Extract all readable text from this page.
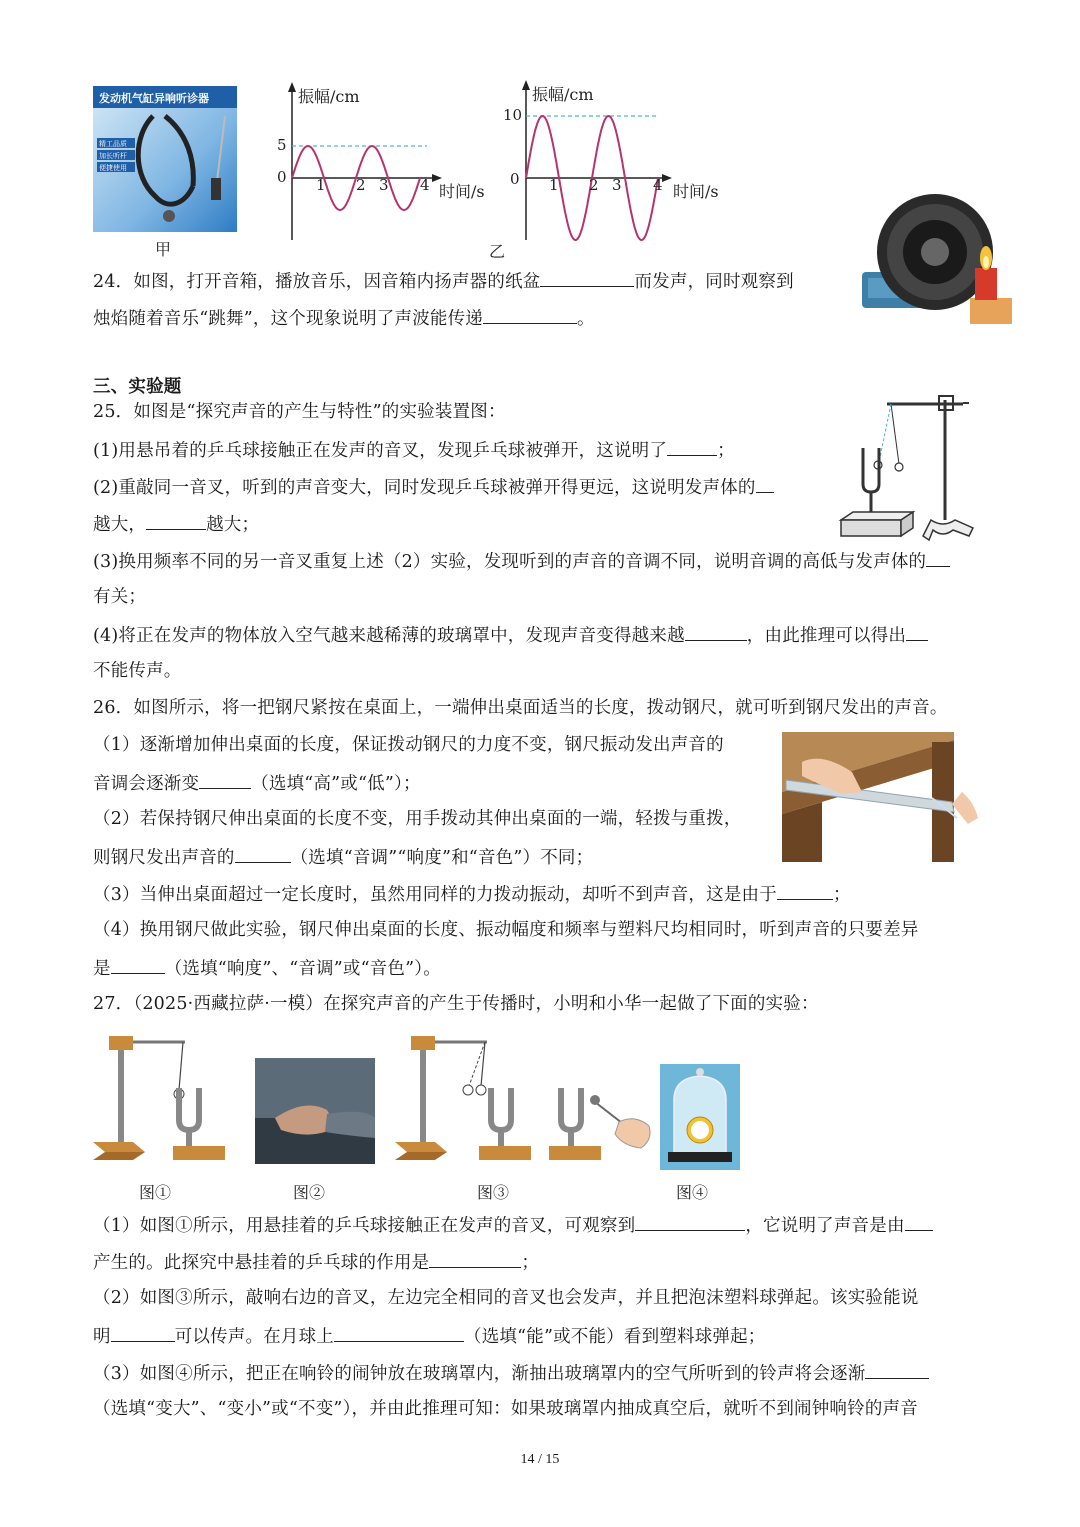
发动机气缸异响听诊器
精工品质
加长听杆
便捷使用
甲
振幅/cm
5
0 1 2 3 4 时间/s
振幅/cm
10
0 1 2 3 4 时间/s
乙
24．如图，打开音箱，播放音乐，因音箱内扬声器的纸盆	而发声，同时观察到
烛焰随着音乐“跳舞”，这个现象说明了声波能传递	。
三、实验题
25．如图是“探究声音的产生与特性”的实验装置图：
(1)用悬吊着的乒乓球接触正在发声的音叉，发现乒乓球被弹开，这说明了	；
(2)重敲同一音叉，听到的声音变大，同时发现乒乓球被弹开得更远，这说明发声体的
越大，	越大；
(3)换用频率不同的另一音叉重复上述（2）实验，发现听到的声音的音调不同，说明音调的高低与发声体的
有关；
(4)将正在发声的物体放入空气越来越稀薄的玻璃罩中，发现声音变得越来越	，由此推理可以得出
不能传声。
26．如图所示，将一把钢尺紧按在桌面上，一端伸出桌面适当的长度，拨动钢尺，就可听到钢尺发出的声音。
（1）逐渐增加伸出桌面的长度，保证拨动钢尺的力度不变，钢尺振动发出声音的
音调会逐渐变	（选填“高”或“低”）；
（2）若保持钢尺伸出桌面的长度不变，用手拨动其伸出桌面的一端，轻拨与重拨，
则钢尺发出声音的	（选填“音调”“响度”和“音色”）不同；
（3）当伸出桌面超过一定长度时，虽然用同样的力拨动振动，却听不到声音，这是由于	；
（4）换用钢尺做此实验，钢尺伸出桌面的长度、振动幅度和频率与塑料尺均相同时，听到声音的只要差异
是	（选填“响度”、“音调”或“音色”）。
27．（2025·西藏拉萨·一模）在探究声音的产生于传播时，小明和小华一起做了下面的实验：
图①	图②	图③	图④
（1）如图①所示，用悬挂着的乒乓球接触正在发声的音叉，可观察到	，它说明了声音是由
产生的。此探究中悬挂着的乒乓球的作用是	；
（2）如图③所示，敲响右边的音叉，左边完全相同的音叉也会发声，并且把泡沫塑料球弹起。该实验能说
明	可以传声。在月球上	（选填“能”或不能）看到塑料球弹起；
（3）如图④所示，把正在响铃的闹钟放在玻璃罩内，渐抽出玻璃罩内的空气所听到的铃声将会逐渐
（选填“变大”、“变小”或“不变”），并由此推理可知：如果玻璃罩内抽成真空后，就听不到闹钟响铃的声音
14 / 15
